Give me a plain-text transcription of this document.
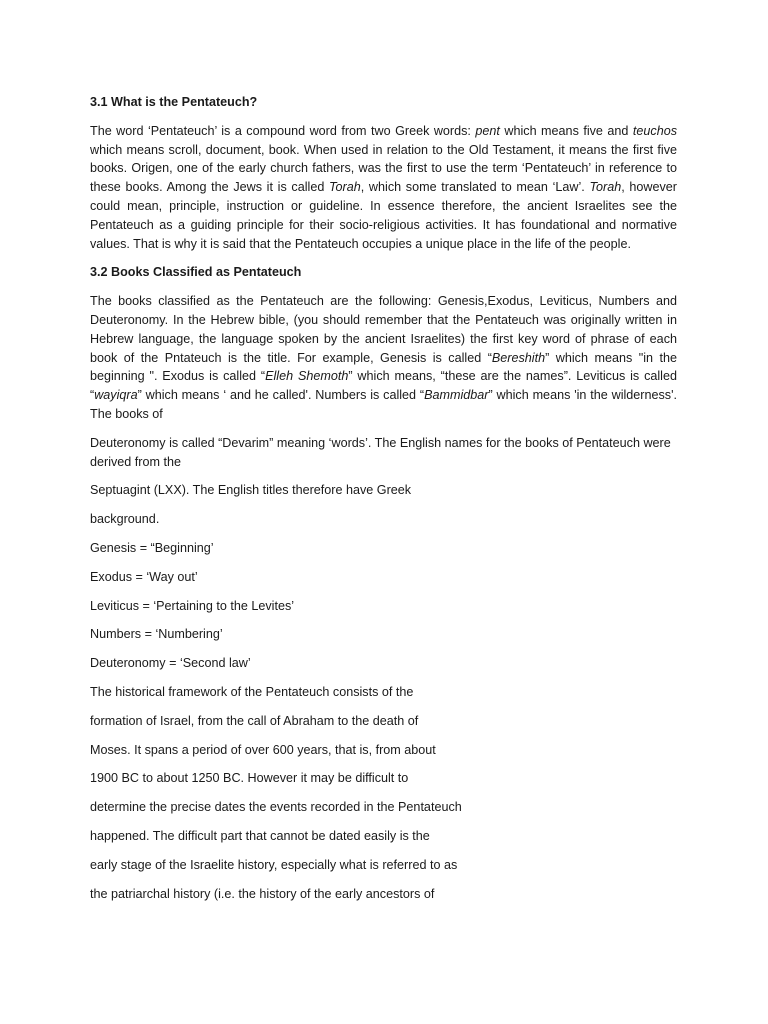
3.1 What is the Pentateuch?

The word ‘Pentateuch’ is a compound word from two Greek words: pent which means five and teuchos which means scroll, document, book. When used in relation to the Old Testament, it means the first five books. Origen, one of the early church fathers, was the first to use the term ‘Pentateuch’ in reference to these books. Among the Jews it is called Torah, which some translated to mean ‘Law’. Torah, however could mean, principle, instruction or guideline. In essence therefore, the ancient Israelites see the Pentateuch as a guiding principle for their socio-religious activities. It has foundational and normative values. That is why it is said that the Pentateuch occupies a unique place in the life of the people.

3.2 Books Classified as Pentateuch

The books classified as the Pentateuch are the following: Genesis,Exodus, Leviticus, Numbers and Deuteronomy. In the Hebrew bible, (you should remember that the Pentateuch was originally written in Hebrew language, the language spoken by the ancient Israelites) the first key word of phrase of each book of the Pntateuch is the title. For example, Genesis is called “Bereshith” which means "in the beginning ". Exodus is called “Elleh Shemoth” which means, “these are the names”. Leviticus is called “wayiqra” which means ‘ and he called'. Numbers is called “Bammidbar” which means 'in the wilderness'. The books of

Deuteronomy is called “Devarim” meaning ‘words’. The English names for the books of Pentateuch were derived from the

Septuagint (LXX). The English titles therefore have Greek

background.

Genesis = “Beginning’

Exodus = ‘Way out’

Leviticus = ‘Pertaining to the Levites’

Numbers = ‘Numbering’

Deuteronomy = ‘Second law’

The historical framework of the Pentateuch consists of the

formation of Israel, from the call of Abraham to the death of

Moses. It spans a period of over 600 years, that is, from about

1900 BC to about 1250 BC. However it may be difficult to

determine the precise dates the events recorded in the Pentateuch

happened. The difficult part that cannot be dated easily is the

early stage of the Israelite history, especially what is referred to as

the patriarchal history (i.e. the history of the early ancestors of
